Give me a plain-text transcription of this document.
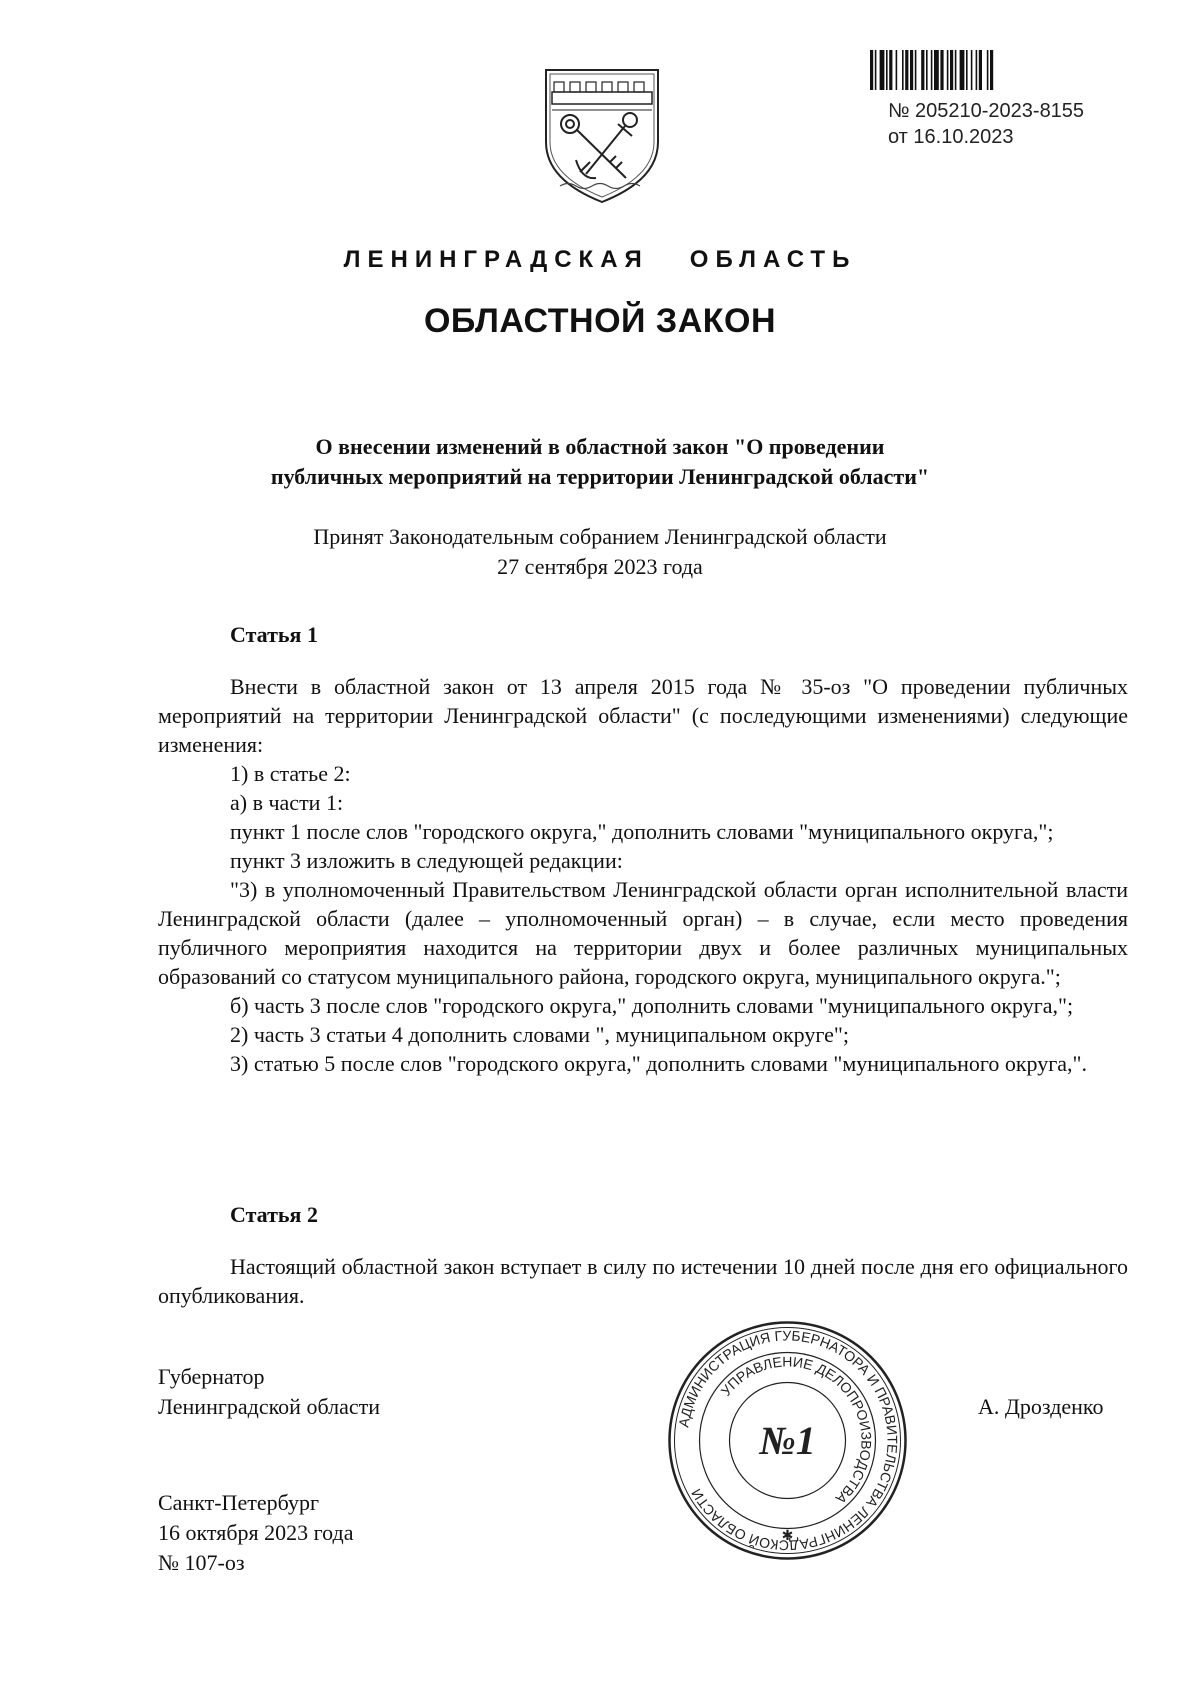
№ 205210-2023-8155
от 16.10.2023
ЛЕНИНГРАДСКАЯ   ОБЛАСТЬ
ОБЛАСТНОЙ ЗАКОН
О внесении изменений в областной закон "О проведении
публичных мероприятий на территории Ленинградской области"
Принят Законодательным собранием Ленинградской области
27 сентября 2023 года
Статья 1

Внести в областной закон от 13 апреля 2015 года № 35-оз "О проведении публичных мероприятий на территории Ленинградской области" (с последующими изменениями) следующие изменения:

1) в статье 2:

а) в части 1:

пункт 1 после слов "городского округа," дополнить словами "муниципального округа,";

пункт 3 изложить в следующей редакции:

"3) в уполномоченный Правительством Ленинградской области орган исполнительной власти Ленинградской области (далее – уполномоченный орган) – в случае, если место проведения публичного мероприятия находится на территории двух и более различных муниципальных образований со статусом муниципального района, городского округа, муниципального округа.";

б) часть 3 после слов "городского округа," дополнить словами "муниципального округа,";

2) часть 3 статьи 4 дополнить словами ", муниципальном округе";

3) статью 5 после слов "городского округа," дополнить словами "муниципального округа,".

Статья 2

Настоящий областной закон вступает в силу по истечении 10 дней после дня его официального опубликования.

Губернатор
Ленинградской области	А. Дрозденко
Санкт-Петербург
16 октября 2023 года
№ 107-оз
АДМИНИСТРАЦИЯ ГУБЕРНАТОРА И ПРАВИТЕЛЬСТВА ЛЕНИНГРАДСКОЙ ОБЛАСТИ
УПРАВЛЕНИЕ ДЕЛОПРОИЗВОДСТВА
№1
✱
